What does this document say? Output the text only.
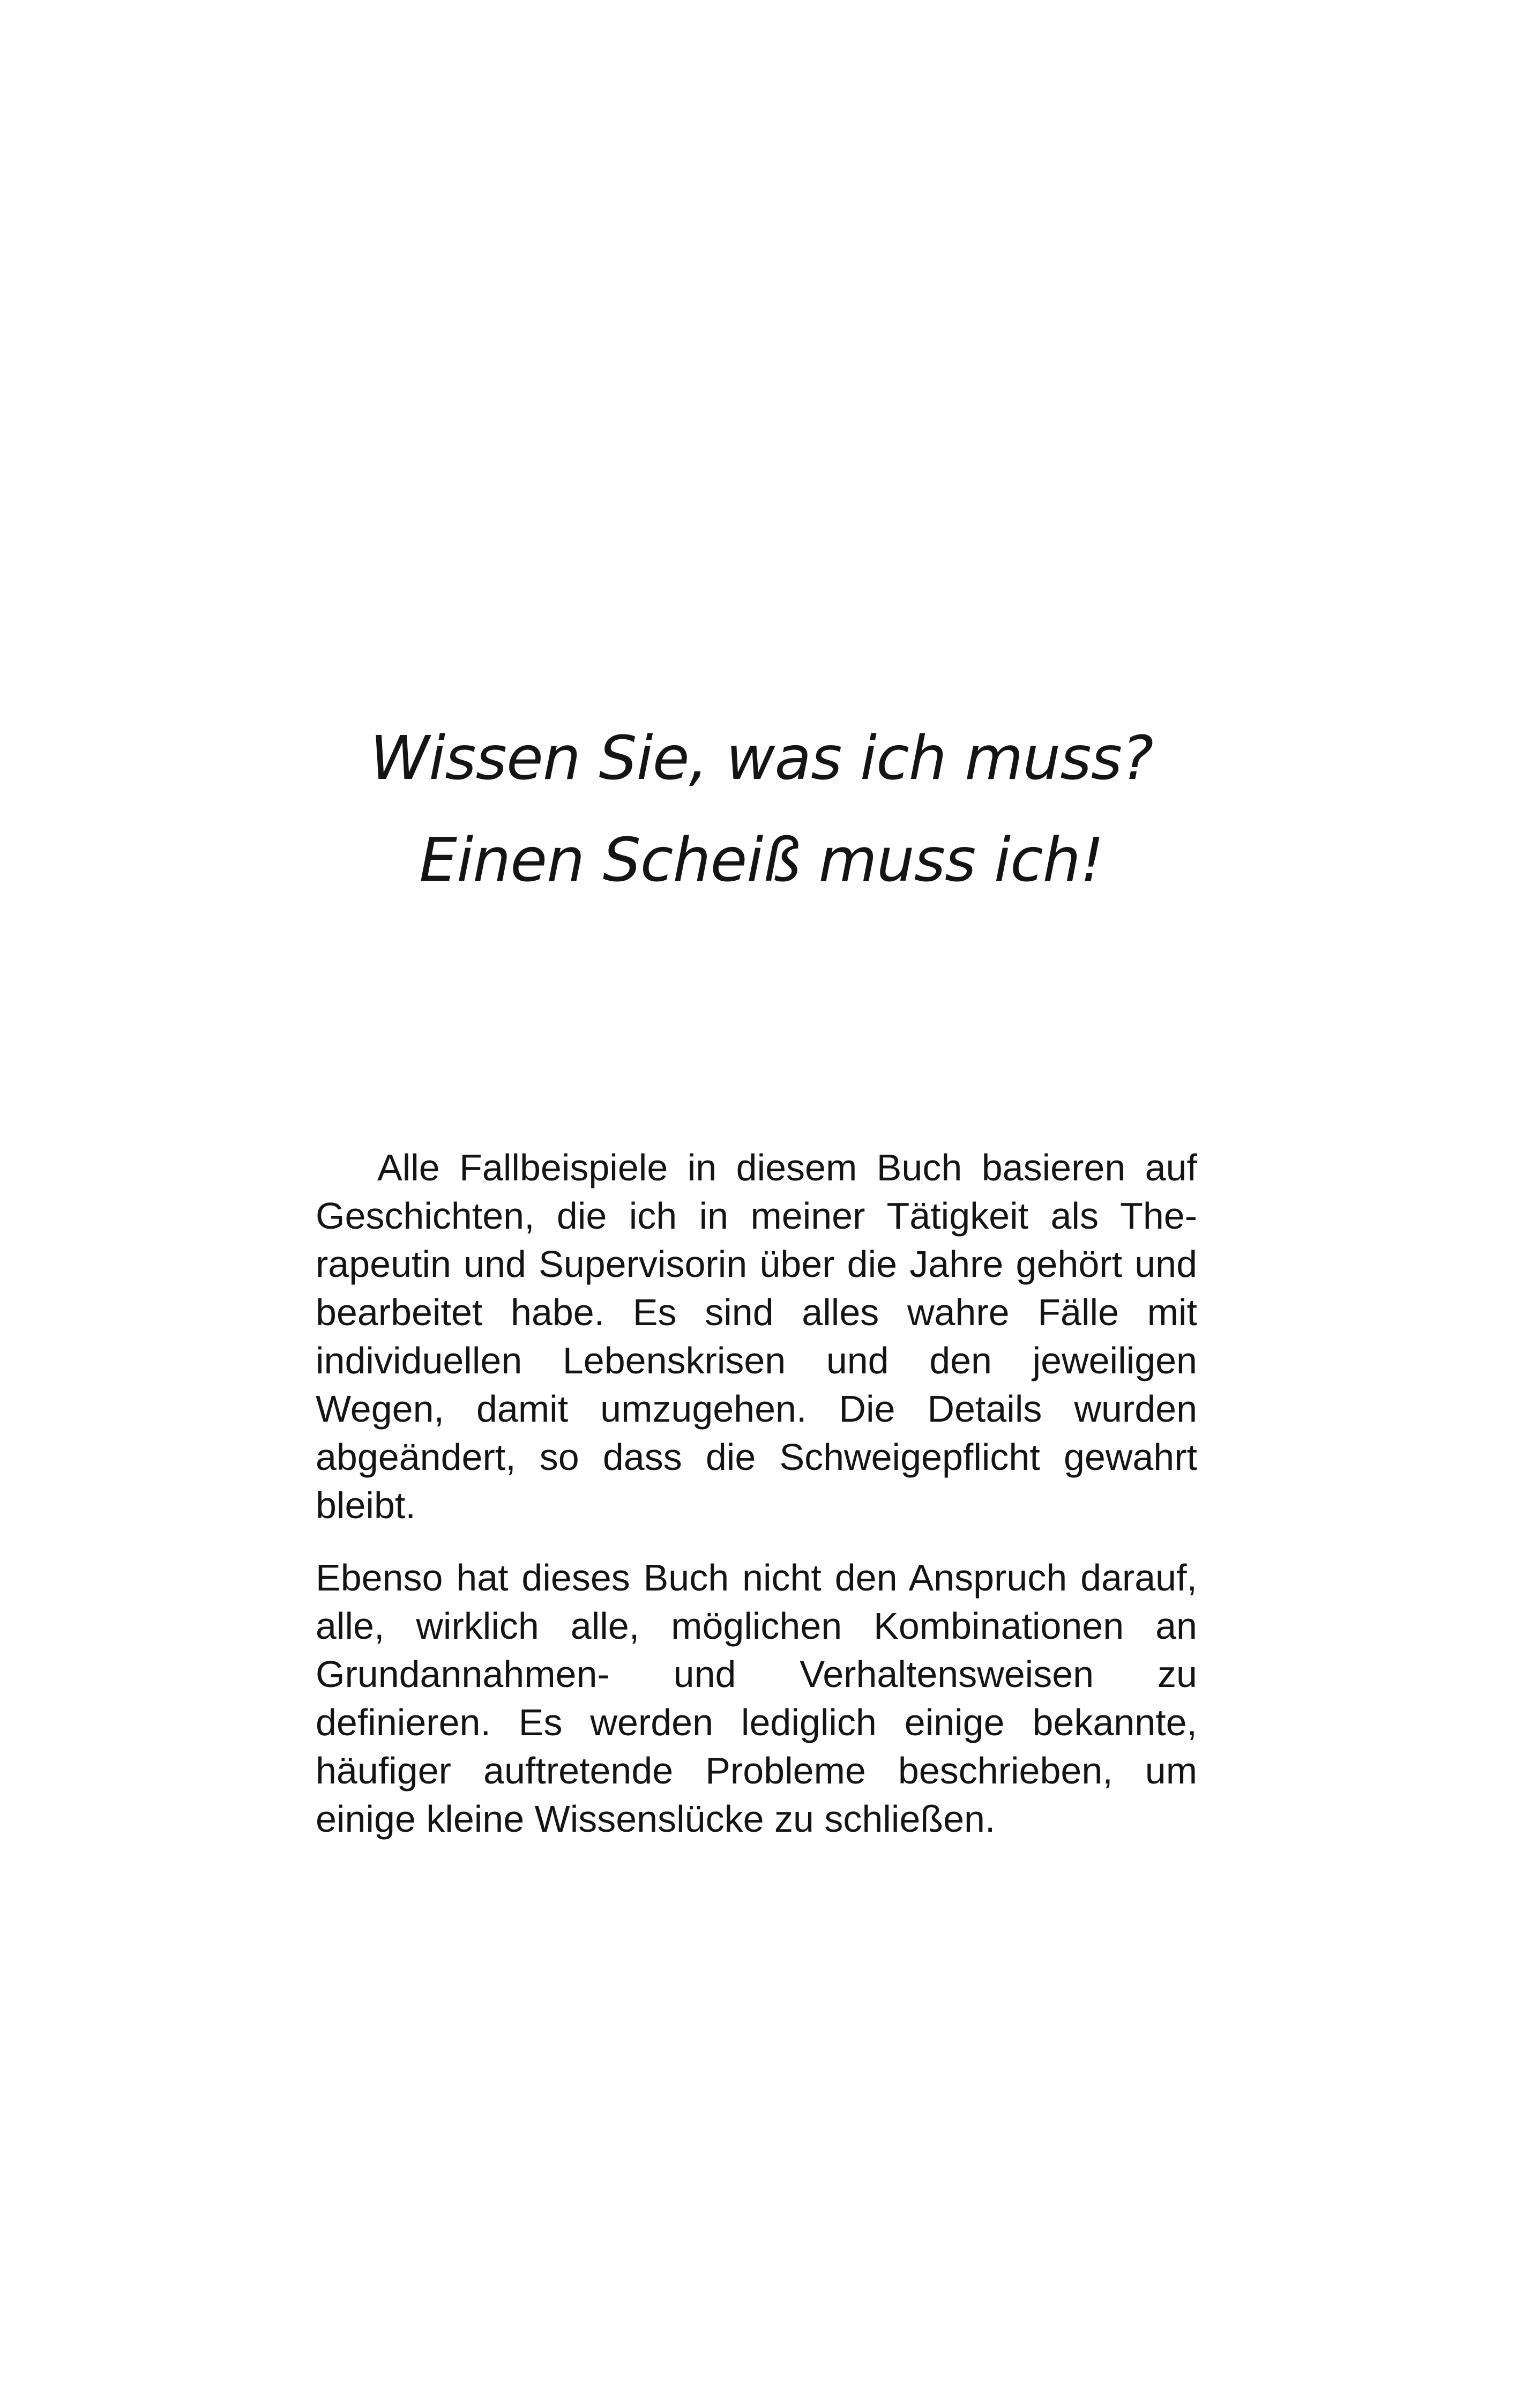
Wissen Sie, was ich muss?
Einen Scheiß muss ich!

Alle Fallbeispiele in diesem Buch basieren auf Geschichten, die ich in meiner Tätigkeit als Therapeutin und Supervisorin über die Jahre gehört und bearbeitet habe. Es sind alles wahre Fälle mit individuellen Lebenskrisen und den jeweiligen Wegen, damit umzugehen. Die Details wurden abgeändert, so dass die Schweigepflicht gewahrt bleibt.

Ebenso hat dieses Buch nicht den Anspruch darauf, alle, wirklich alle, möglichen Kombinationen an Grundannahmen- und Verhaltensweisen zu definieren. Es werden lediglich einige bekannte, häufiger auftretende Probleme beschrieben, um einige kleine Wissenslücke zu schließen.
